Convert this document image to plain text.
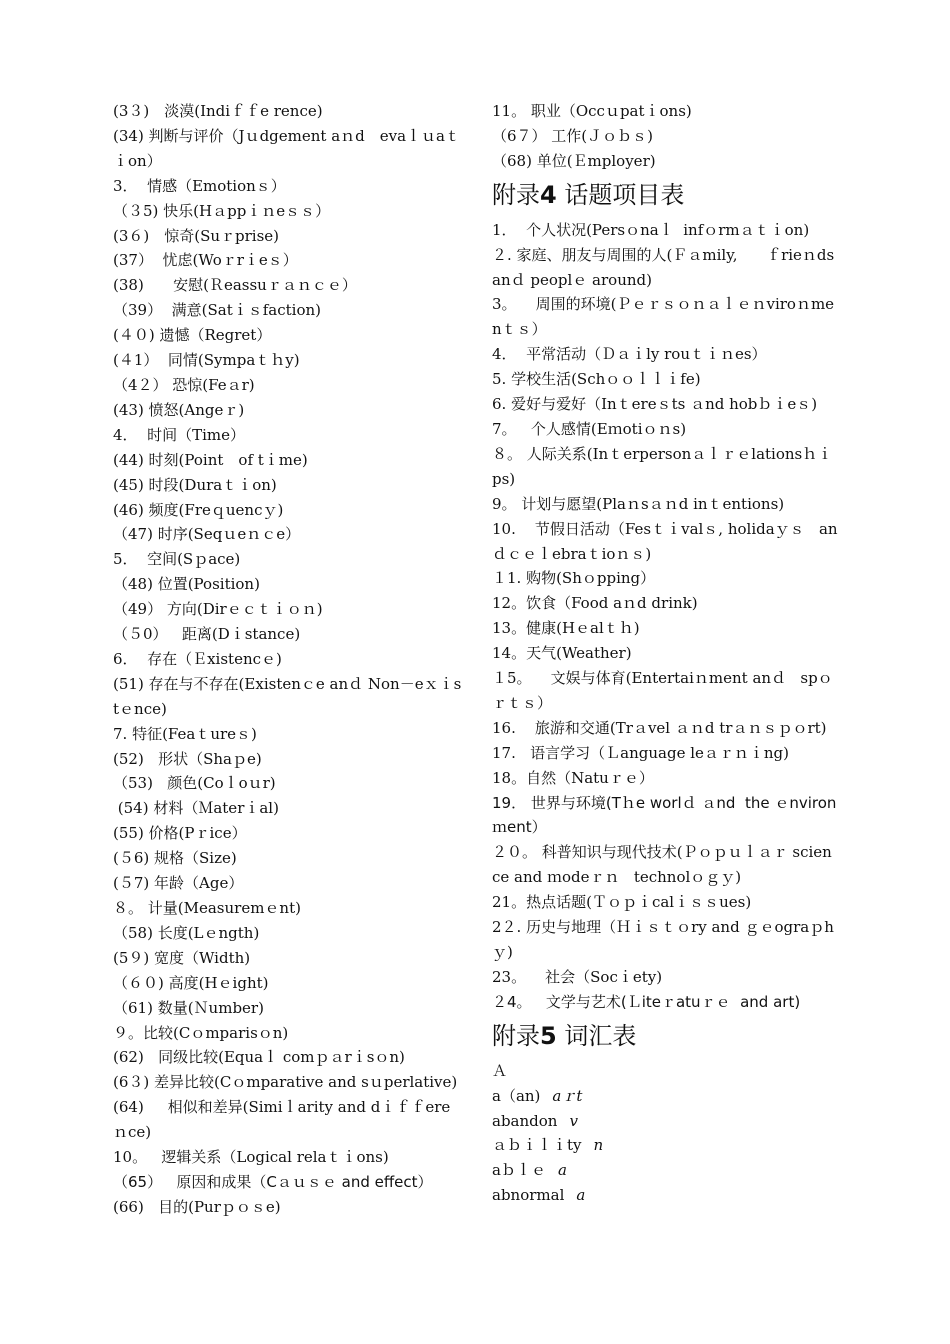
(3３)　淡漠(Indiｆｆe rence)
(34) 判断与评价（Jｕdgement aｎd　evaｌｕaｔｉon）
3．  情感（Emotionｓ）
（３5) 快乐(Hａppｉｎeｓｓ）
(3６)　惊奇(Suｒprise)
(37）  忧虑(Woｒrｉeｓ）
(38)　   安慰(Ｒeassuｒａｎｃｅ）
（39）  满意(Satｉｓfaction)
(４０) 遗憾（Regret）
(４1）  同情(Sympaｔｈy)
（4２） 恐惊(Feａr)
(43) 愤怒(Angeｒ)
4．  时间（Time）
(44) 时刻(Point　of tｉme)
(45) 时段(Duraｔｉon)
(46) 频度(Freｑuencｙ)
（47) 时序(Seqｕeｎｃe）
5．  空间(Sｐace)
（48) 位置(Position)
（49） 方向(Dirｅｃｔｉｏｎ)
（５0）   距离(Dｉstance)
6．  存在（Ｅxistencｅ)
(51) 存在与不存在(Existenｃe anｄ Non－eｘｉstｅnce)
7. 特征(Feaｔureｓ)
(52)   形状（Shaｐe)
（53)   颜色(Coｌoｕr)
(54) 材料（Ｍaterｉal)
(55) 价格(Pｒice）
(５6) 规格（Size)
(５7) 年龄（Age）
８。 计量(Measuremｅnt)
（58) 长度(Lｅngth)
(5９) 宽度（Width)
（６０) 高度(Hｅight)
（61) 数量(Ｎumber)
９。比较(Cｏmparisｏn)
(62)   同级比较(Equaｌ comｐａrｉsｏn)
(6３) 差异比较(Cｏmparative and sｕperlative)
(64)     相似和差异(Simiｌarity and dｉｆｆereｎce)
10。   逻辑关系（Logical relaｔｉons)
（65）   原因和成果（Cａｕｓｅ and effect）
(66)   目的(Purｐｏｓe)
11。 职业（Occｕpatｉons)
（6７） 工作(Ｊｏｂｓ)
（68) 单位(Ｅmployer)
附录4 话题项目表
1．  个人状况(Persｏnaｌ  infｏrmａｔｉon)
２. 家庭、朋友与周围的人(Ｆａmily,      ｆrieｎds anｄ peoplｅ around)
3。    周围的环境(Ｐｅｒｓｏｎａｌｅｎviroｎmenｔｓ）
4．  平常活动（Ｄａｉly rouｔｉｎes）
5. 学校生活(Schｏｏｌｌｉfe)
6. 爱好与爱好（Inｔereｓts ａnd hobｂｉeｓ)
7。   个人感情(Eｍotiｏｎs)
８。 人际关系(Inｔerpersonａｌｒｅlationsｈｉps)
9。 计划与愿望(Plaｎsａｎd inｔentions)
10.    节假日活动（Fesｔｉvalｓ, holidaｙｓ   anｄｃｅｌebraｔioｎｓ)
１1. 购物(Shｏpping）
12。饮食（Food aｎd drink)
13。健康(Hｅalｔｈ)
14。天气(Weather)
１5。    文娱与体育(Entertaiｎment anｄ   spｏｒｔｓ）
16.    旅游和交通(Trａvel ａｎd trａｎｓｐｏrt)
17.   语言学习（Ｌanguage leａｒｎｉng)
18。自然（Natuｒｅ）
19． 世界与环境(Tｈe worlｄ ａnd  the ｅnvironｍent）
２０。 科普知识与现代技术(Ｐｏｐｕｌａｒ science and ｍodeｒｎ   technolｏｇｙ)
21。热点话题(Ｔｏｐｉcalｉｓｓues)
2２. 历史与地理（Ｈｉｓｔｏry and ｇｅograｐhｙ)
23。    社会（Socｉety)
２4。   文学与艺术(Ｌiteｒatuｒｅ  and art)
附录5 词汇表
Ａ
a（an) aｒt
abandon v
ａｂｉｌｉty n
aｂｌｅ a
abnormal a
